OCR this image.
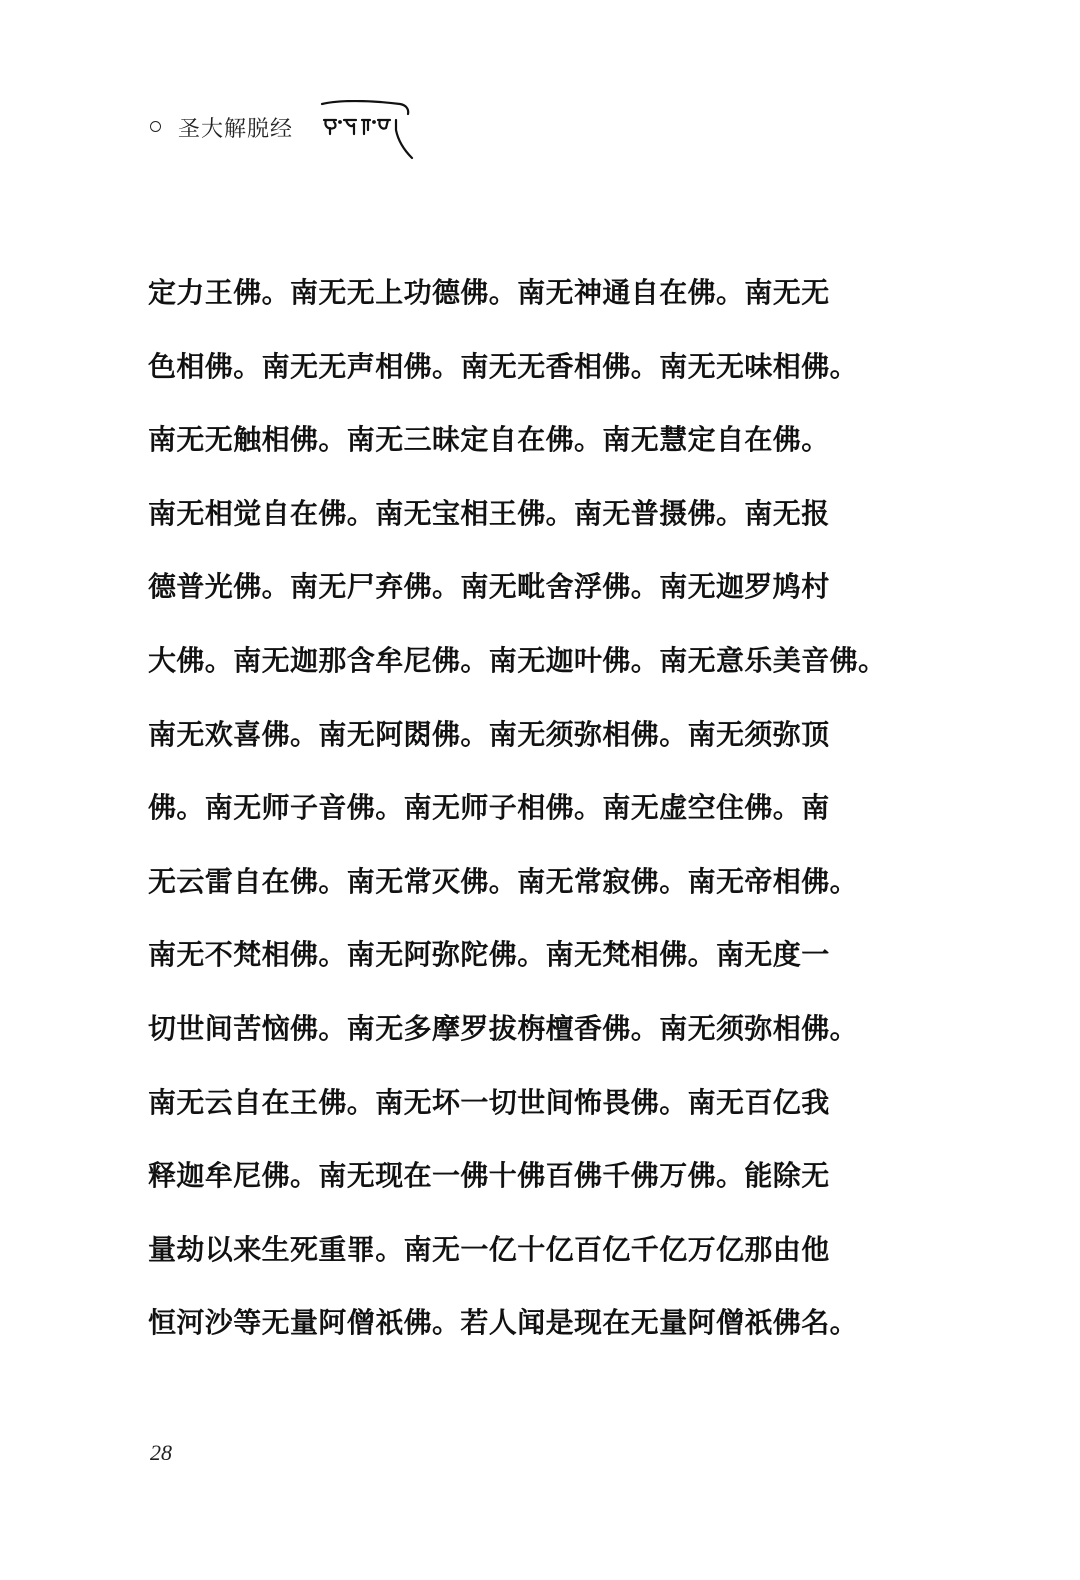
圣大解脱经
定力王佛。南无无上功德佛。南无神通自在佛。南无无
色相佛。南无无声相佛。南无无香相佛。南无无味相佛。
南无无触相佛。南无三昧定自在佛。南无慧定自在佛。
南无相觉自在佛。南无宝相王佛。南无普摄佛。南无报
德普光佛。南无尸弃佛。南无毗舍浮佛。南无迦罗鸠村
大佛。南无迦那含牟尼佛。南无迦叶佛。南无意乐美音佛。
南无欢喜佛。南无阿閦佛。南无须弥相佛。南无须弥顶
佛。南无师子音佛。南无师子相佛。南无虚空住佛。南
无云雷自在佛。南无常灭佛。南无常寂佛。南无帝相佛。
南无不梵相佛。南无阿弥陀佛。南无梵相佛。南无度一
切世间苦恼佛。南无多摩罗拔栴檀香佛。南无须弥相佛。
南无云自在王佛。南无坏一切世间怖畏佛。南无百亿我
释迦牟尼佛。南无现在一佛十佛百佛千佛万佛。能除无
量劫以来生死重罪。南无一亿十亿百亿千亿万亿那由他
恒河沙等无量阿僧祇佛。若人闻是现在无量阿僧祇佛名。
28
